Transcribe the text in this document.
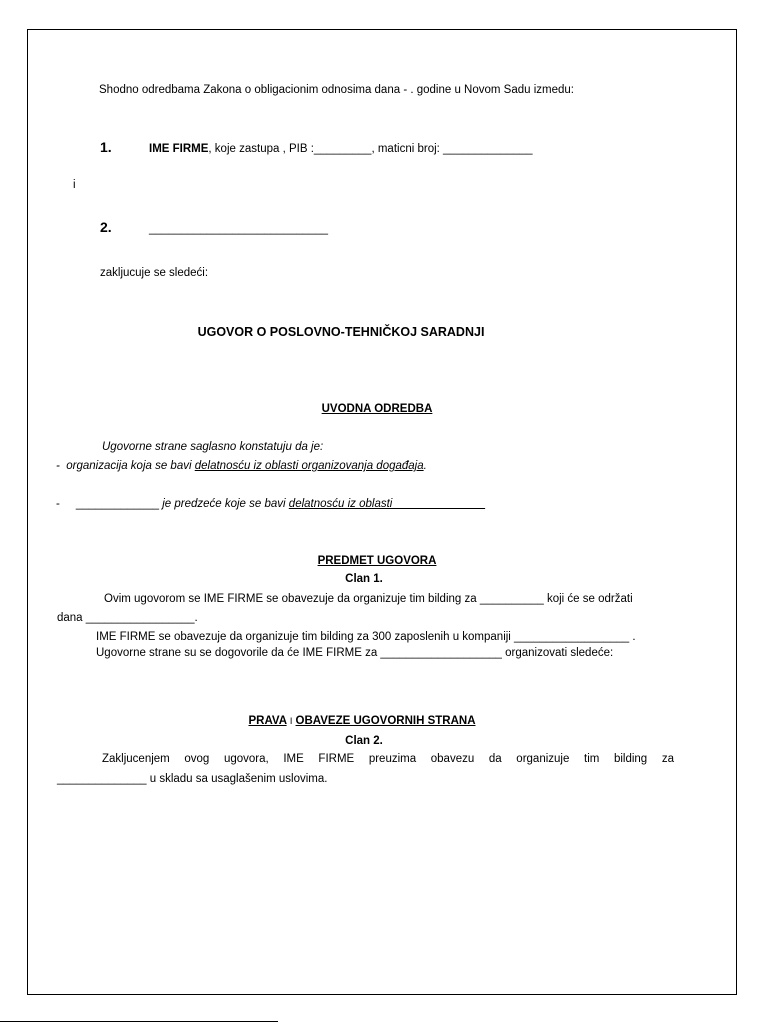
Shodno odredbama Zakona o obligacionim odnosima dana - . godine u Novom Sadu izmedu:
1.	IME FIRME, koje zastupa , PIB :_________, maticni broj: ______________
i
2.	____________________________
zakljucuje se sledeći:
UGOVOR O POSLOVNO-TEHNIČKOJ SARADNJI
UVODNA ODREDBA
Ugovorne strane saglasno konstatuju da je:
- organizacija koja se bavi delatnosću iz oblasti organizovanja događaja.
- _____________ je predzeće koje se bavi delatnosću iz oblasti ______________
PREDMET UGOVORA
Clan 1.
Ovim ugovorom se IME FIRME se obavezuje da organizuje tim bilding za __________ koji će se održati
dana _________________.
IME FIRME se obavezuje da organizuje tim bilding za 300 zaposlenih u kompaniji __________________ .
Ugovorne strane su se dogovorile da će IME FIRME za ___________________ organizovati sledeće:
PRAVA I OBAVEZE UGOVORNIH STRANA
Clan 2.
Zakljucenjem ovog ugovora, IME FIRME preuzima obavezu da organizuje tim bilding za
______________ u skladu sa usaglašenim uslovima.
